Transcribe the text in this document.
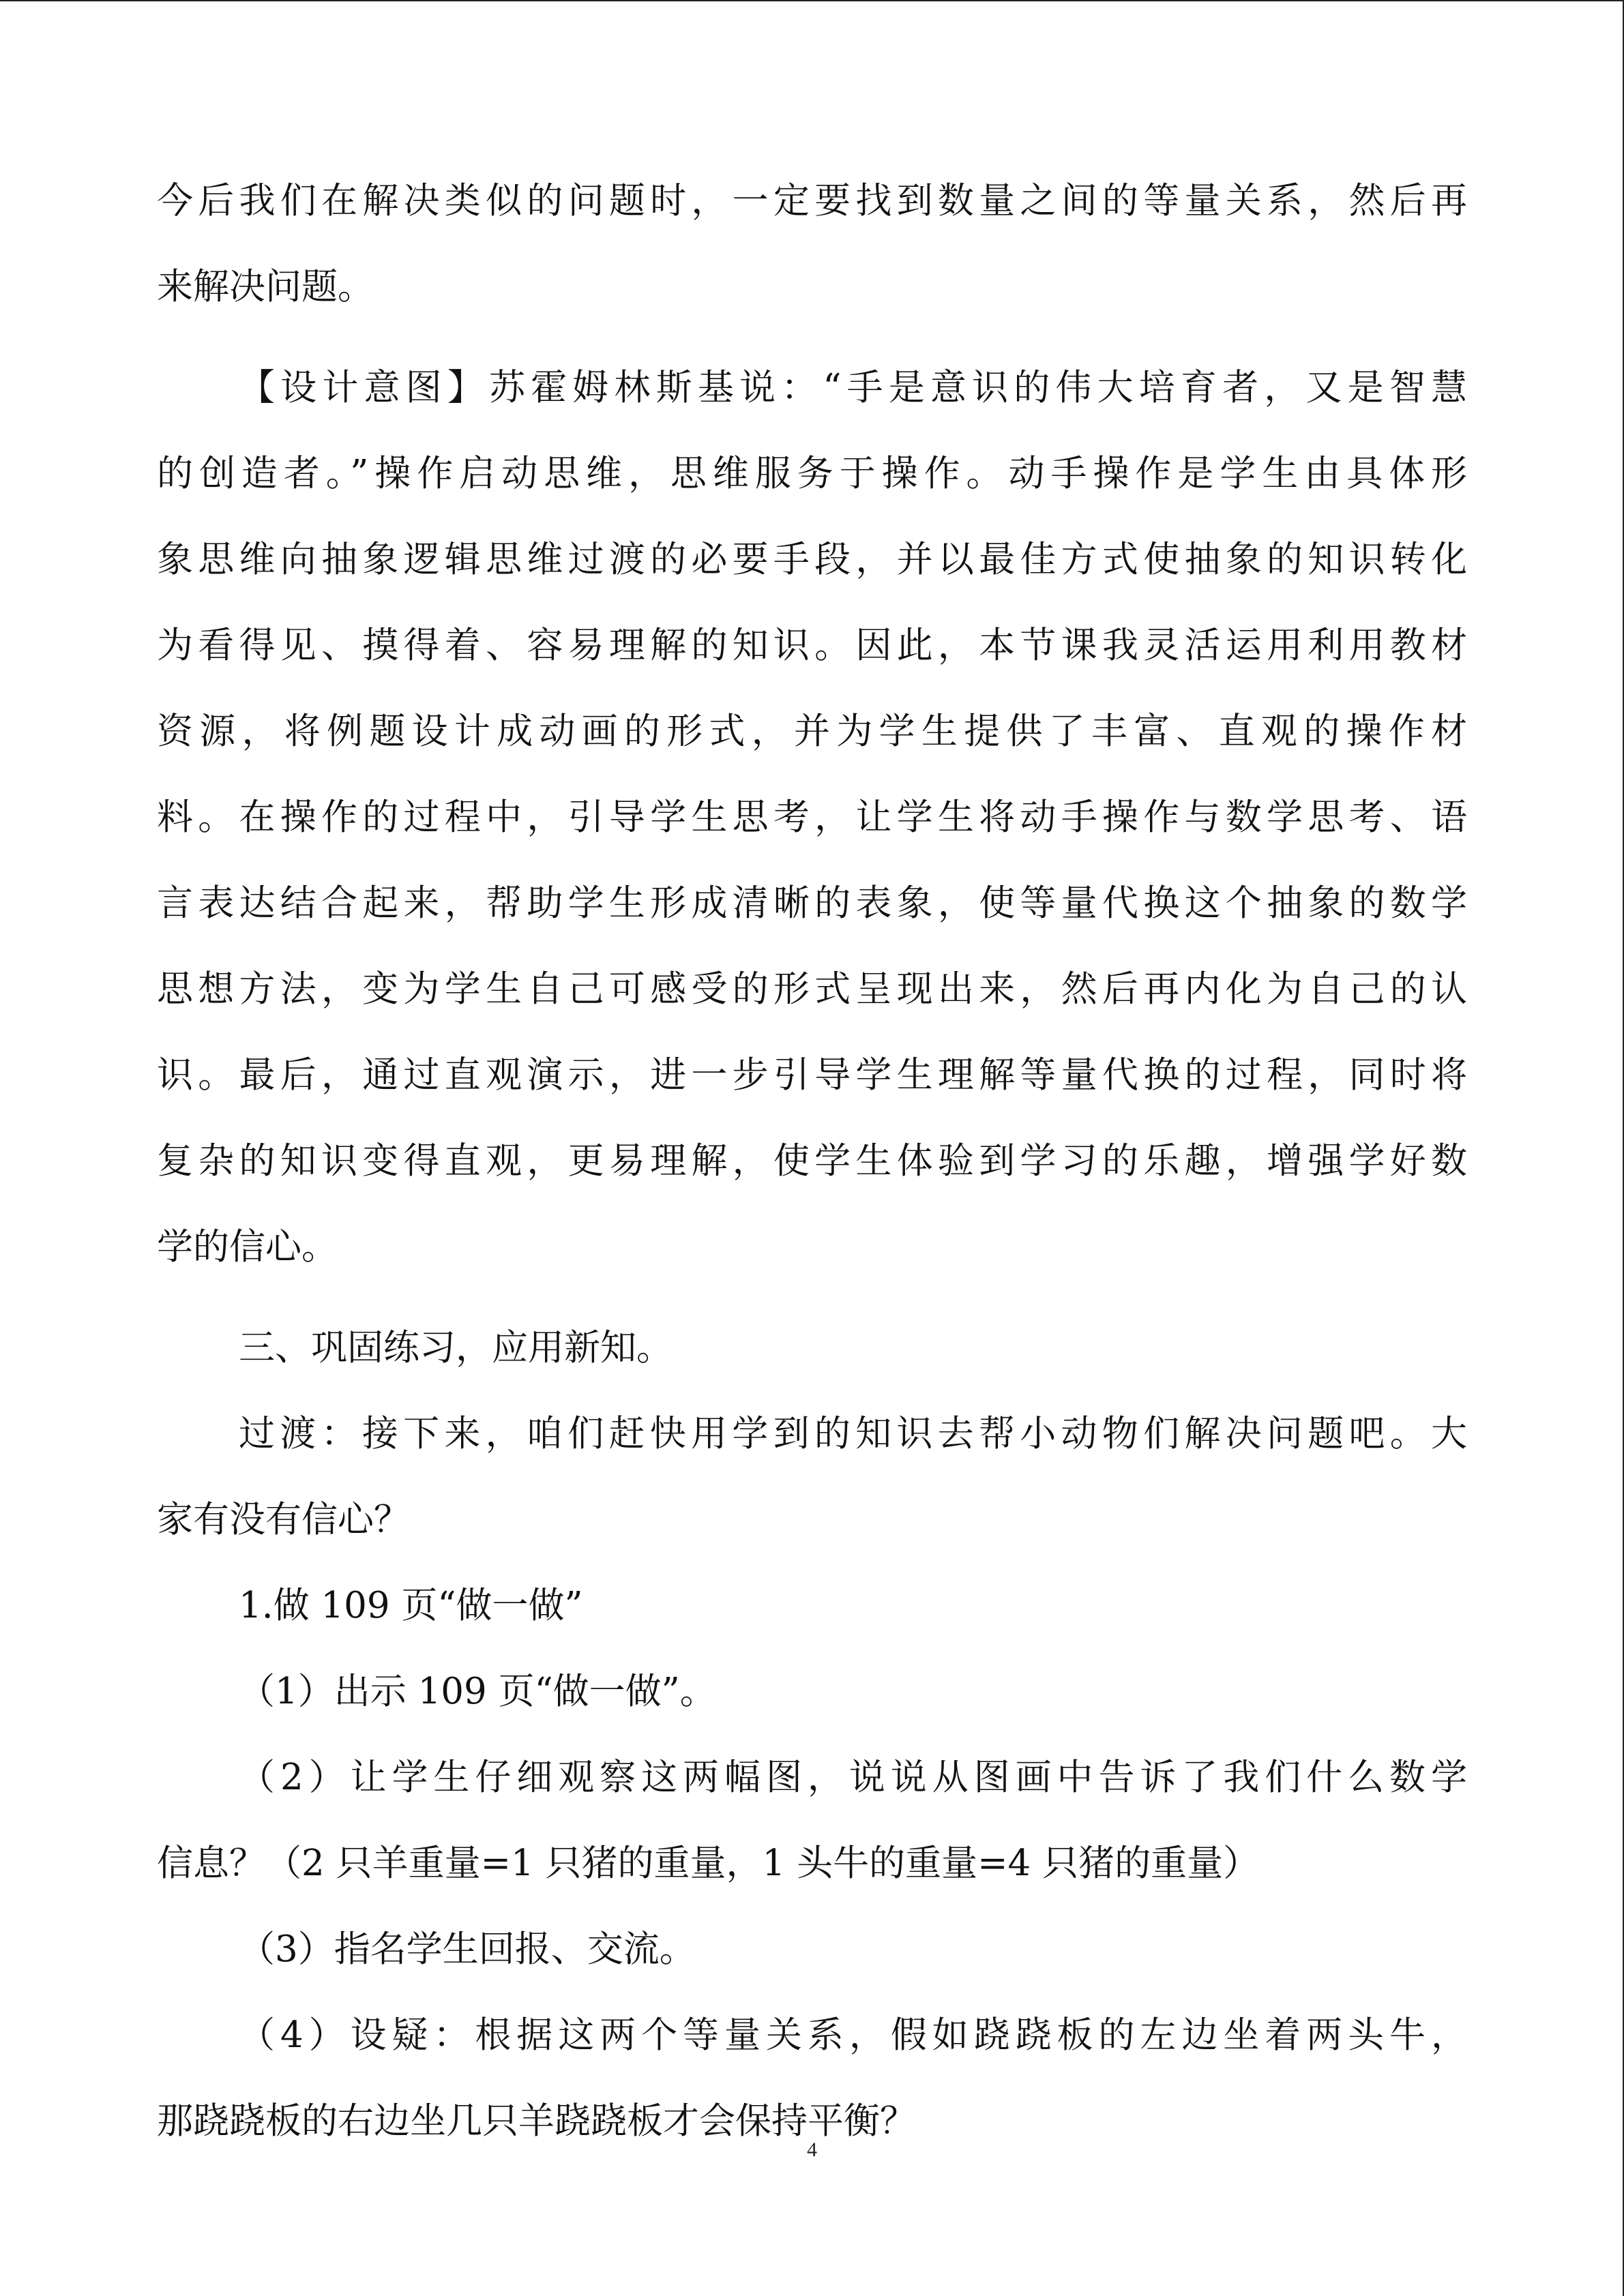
今后我们在解决类似的问题时，一定要找到数量之间的等量关系，然后再
来解决问题。
【设计意图】苏霍姆林斯基说：“手是意识的伟大培育者，又是智慧
的创造者。”操作启动思维，思维服务于操作。动手操作是学生由具体形
象思维向抽象逻辑思维过渡的必要手段，并以最佳方式使抽象的知识转化
为看得见、摸得着、容易理解的知识。因此，本节课我灵活运用利用教材
资源，将例题设计成动画的形式，并为学生提供了丰富、直观的操作材
料。在操作的过程中，引导学生思考，让学生将动手操作与数学思考、语
言表达结合起来，帮助学生形成清晰的表象，使等量代换这个抽象的数学
思想方法，变为学生自己可感受的形式呈现出来，然后再内化为自己的认
识。最后，通过直观演示，进一步引导学生理解等量代换的过程，同时将
复杂的知识变得直观，更易理解，使学生体验到学习的乐趣，增强学好数
学的信心。
三、巩固练习，应用新知。
过渡：接下来，咱们赶快用学到的知识去帮小动物们解决问题吧。大
家有没有信心？
1.做 109 页“做一做”
（1）出示 109 页“做一做”。
（2）让学生仔细观察这两幅图，说说从图画中告诉了我们什么数学
信息？（2 只羊重量=1 只猪的重量，1 头牛的重量=4 只猪的重量）
（3）指名学生回报、交流。
（4）设疑：根据这两个等量关系，假如跷跷板的左边坐着两头牛，
那跷跷板的右边坐几只羊跷跷板才会保持平衡？
4
